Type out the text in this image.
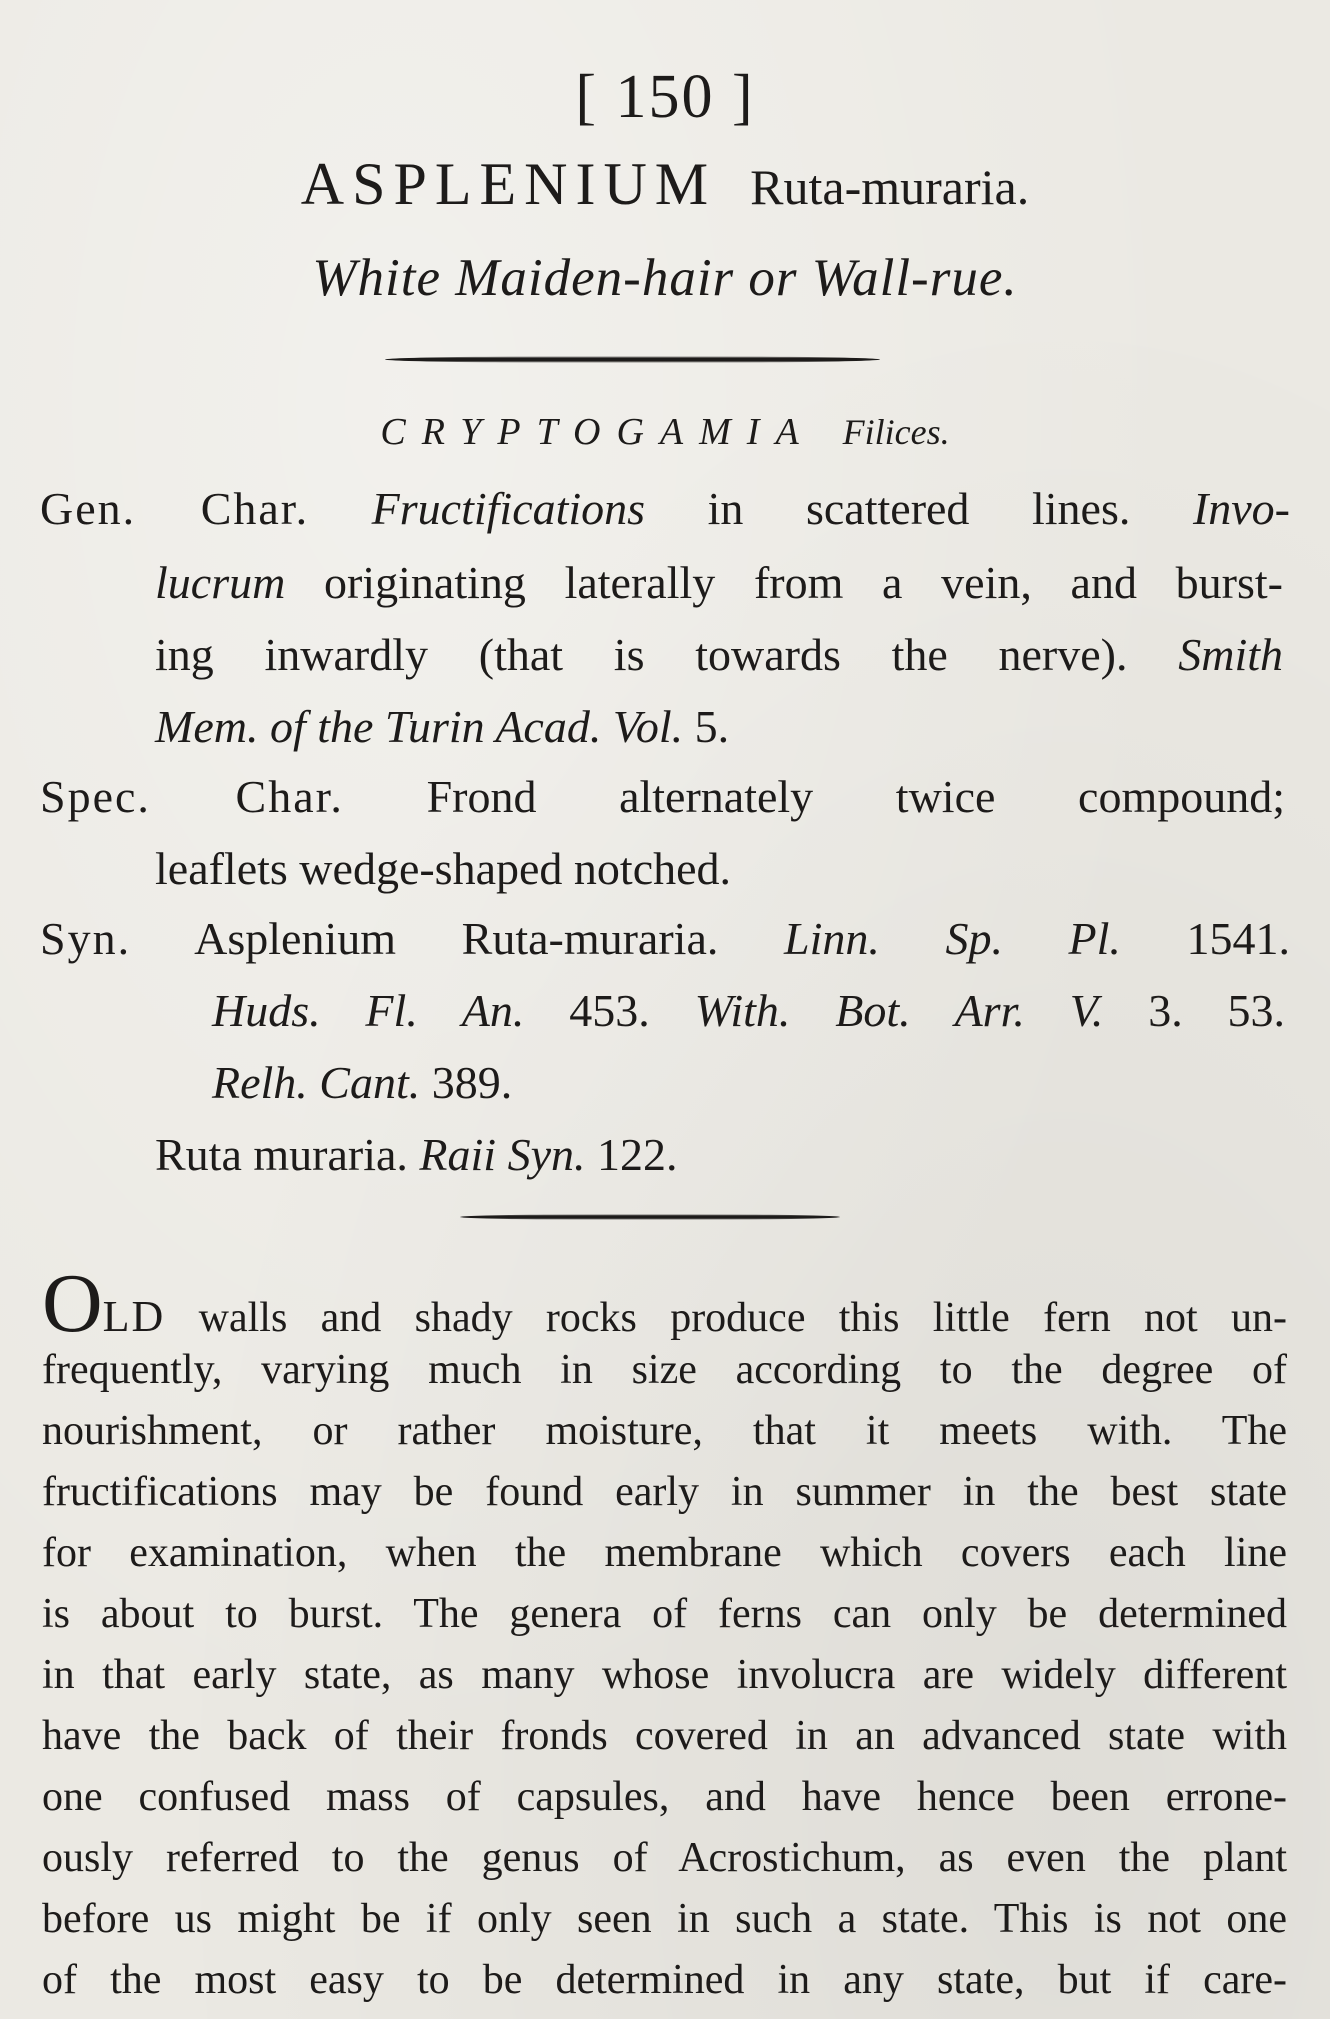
[ 150 ]
ASPLENIUM Ruta-muraria.
White Maiden-hair or Wall-rue.
CRYPTOGAMIA Filices.
Gen. Char. Fructifications in scattered lines. Invo-
lucrum originating laterally from a vein, and burst-
ing inwardly (that is towards the nerve). Smith
Mem. of the Turin Acad. Vol. 5.
Spec. Char. Frond alternately twice compound;
leaflets wedge-shaped notched.
Syn. Asplenium Ruta-muraria. Linn. Sp. Pl. 1541.
Huds. Fl. An. 453. With. Bot. Arr. V. 3. 53.
Relh. Cant. 389.
Ruta muraria. Raii Syn. 122.
OLD walls and shady rocks produce this little fern not un-
frequently, varying much in size according to the degree of
nourishment, or rather moisture, that it meets with. The
fructifications may be found early in summer in the best state
for examination, when the membrane which covers each line
is about to burst. The genera of ferns can only be determined
in that early state, as many whose involucra are widely different
have the back of their fronds covered in an advanced state with
one confused mass of capsules, and have hence been errone-
ously referred to the genus of Acrostichum, as even the plant
before us might be if only seen in such a state. This is not one
of the most easy to be determined in any state, but if care-
